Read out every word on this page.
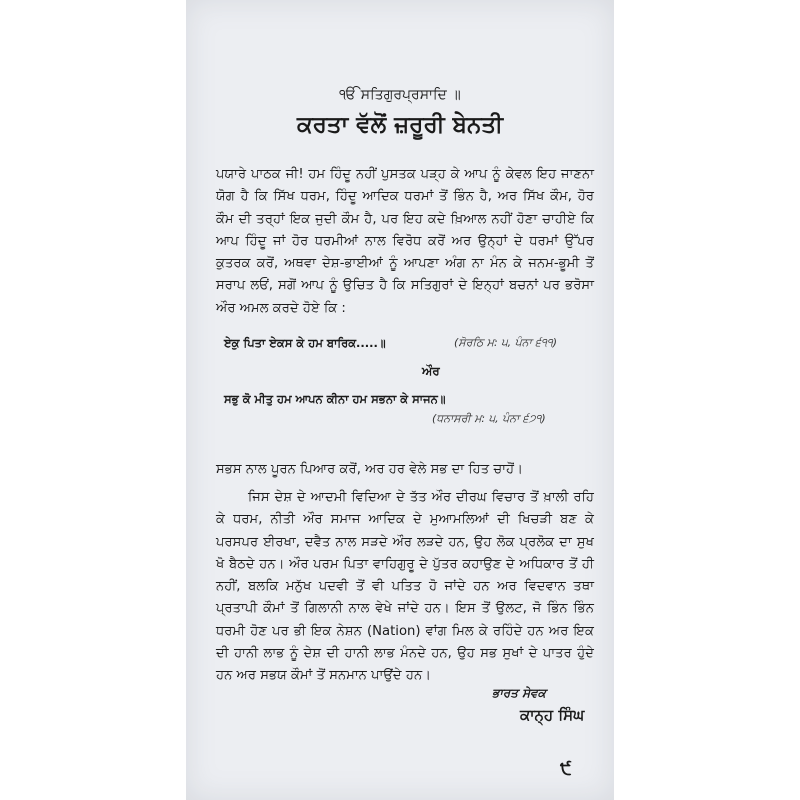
ੴ ਸਤਿਗੁਰਪ੍ਰਸਾਦਿ ॥
ਕਰਤਾ ਵੱਲੋਂ ਜ਼ਰੂਰੀ ਬੇਨਤੀ
ਪਯਾਰੇ ਪਾਠਕ ਜੀ! ਹਮ ਹਿੰਦੂ ਨਹੀਂ ਪੁਸਤਕ ਪੜ੍ਹ ਕੇ ਆਪ ਨੂੰ ਕੇਵਲ ਇਹ ਜਾਣਨਾ ਯੋਗ ਹੈ ਕਿ ਸਿੱਖ ਧਰਮ, ਹਿੰਦੂ ਆਦਿਕ ਧਰਮਾਂ ਤੋਂ ਭਿੰਨ ਹੈ, ਅਰ ਸਿੱਖ ਕੌਮ, ਹੋਰ ਕੌਮ ਦੀ ਤਰ੍ਹਾਂ ਇਕ ਜੁਦੀ ਕੌਮ ਹੈ, ਪਰ ਇਹ ਕਦੇ ਖ਼ਿਆਲ ਨਹੀਂ ਹੋਣਾ ਚਾਹੀਏ ਕਿ ਆਪ ਹਿੰਦੂ ਜਾਂ ਹੋਰ ਧਰਮੀਆਂ ਨਾਲ ਵਿਰੋਧ ਕਰੋਂ ਅਰ ਉਨ੍ਹਾਂ ਦੇ ਧਰਮਾਂ ਉੱਪਰ ਕੁਤਰਕ ਕਰੋਂ, ਅਥਵਾ ਦੇਸ਼-ਭਾਈਆਂ ਨੂੰ ਆਪਣਾ ਅੰਗ ਨਾ ਮੰਨ ਕੇ ਜਨਮ-ਭੂਮੀ ਤੋਂ ਸਰਾਪ ਲਓਂ, ਸਗੋਂ ਆਪ ਨੂੰ ਉਚਿਤ ਹੈ ਕਿ ਸਤਿਗੁਰਾਂ ਦੇ ਇਨ੍ਹਾਂ ਬਚਨਾਂ ਪਰ ਭਰੋਸਾ ਔਰ ਅਮਲ ਕਰਦੇ ਹੋਏ ਕਿ :
ਏਕੁ ਪਿਤਾ ਏਕਸ ਕੇ ਹਮ ਬਾਰਿਕ.....॥	(ਸੋਰਠਿ ਮ: ੫, ਪੰਨਾ ੬੧੧)
ਔਰ
ਸਭੁ ਕੋ ਮੀਤੁ ਹਮ ਆਪਨ ਕੀਨਾ ਹਮ ਸਭਨਾ ਕੇ ਸਾਜਨ॥
(ਧਨਾਸਰੀ ਮ: ੫, ਪੰਨਾ ੬੭੧)
ਸਭਸ ਨਾਲ ਪੂਰਨ ਪਿਆਰ ਕਰੋਂ, ਅਰ ਹਰ ਵੇਲੇ ਸਭ ਦਾ ਹਿਤ ਚਾਹੋਂ।
ਜਿਸ ਦੇਸ਼ ਦੇ ਆਦਮੀ ਵਿਦਿਆ ਦੇ ਤੱਤ ਔਰ ਦੀਰਘ ਵਿਚਾਰ ਤੋਂ ਖ਼ਾਲੀ ਰਹਿ ਕੇ ਧਰਮ, ਨੀਤੀ ਔਰ ਸਮਾਜ ਆਦਿਕ ਦੇ ਮੁਆਮਲਿਆਂ ਦੀ ਖਿਚੜੀ ਬਣ ਕੇ ਪਰਸਪਰ ਈਰਖਾ, ਦਵੈਤ ਨਾਲ ਸੜਦੇ ਔਰ ਲੜਦੇ ਹਨ, ਉਹ ਲੋਕ ਪ੍ਰਲੋਕ ਦਾ ਸੁਖ ਖੋ ਬੈਠਦੇ ਹਨ। ਔਰ ਪਰਮ ਪਿਤਾ ਵਾਹਿਗੁਰੂ ਦੇ ਪੁੱਤਰ ਕਹਾਉਣ ਦੇ ਅਧਿਕਾਰ ਤੋਂ ਹੀ ਨਹੀਂ, ਬਲਕਿ ਮਨੁੱਖ ਪਦਵੀ ਤੋਂ ਵੀ ਪਤਿਤ ਹੋ ਜਾਂਦੇ ਹਨ ਅਰ ਵਿਦਵਾਨ ਤਥਾ ਪ੍ਰਤਾਪੀ ਕੌਮਾਂ ਤੋਂ ਗਿਲਾਨੀ ਨਾਲ ਵੇਖੇ ਜਾਂਦੇ ਹਨ। ਇਸ ਤੋਂ ਉਲਟ, ਜੋ ਭਿੰਨ ਭਿੰਨ ਧਰਮੀ ਹੋਣ ਪਰ ਭੀ ਇਕ ਨੇਸ਼ਨ (Nation) ਵਾਂਗ ਮਿਲ ਕੇ ਰਹਿੰਦੇ ਹਨ ਅਰ ਇਕ ਦੀ ਹਾਨੀ ਲਾਭ ਨੂੰ ਦੇਸ਼ ਦੀ ਹਾਨੀ ਲਾਭ ਮੰਨਦੇ ਹਨ, ਉਹ ਸਭ ਸੁਖਾਂ ਦੇ ਪਾਤਰ ਹੁੰਦੇ ਹਨ ਅਰ ਸਭਯ ਕੌਮਾਂ ਤੋਂ ਸਨਮਾਨ ਪਾਉਂਦੇ ਹਨ।
ਭਾਰਤ ਸੇਵਕ
ਕਾਨ੍ਹ ਸਿੰਘ
੯
